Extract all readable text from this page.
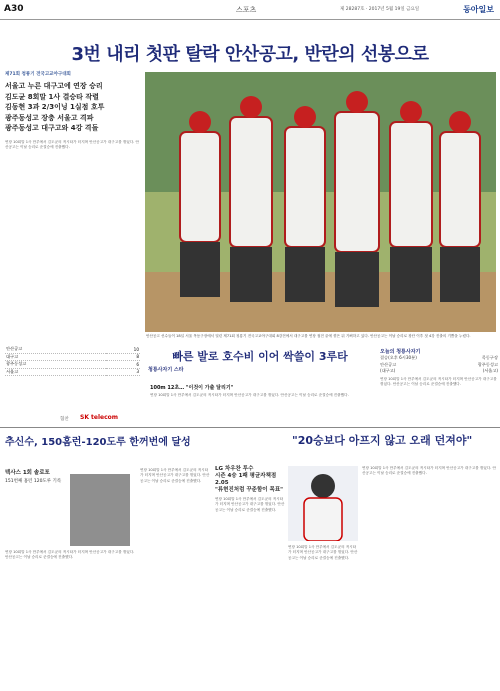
A30	스포츠	제 28287호 · 2017년 5월 19일 금요일	동아일보
3번 내리 첫판 탈락 안산공고, 반란의 선봉으로
제71회 청룡기 전국고교야구대회
서울고 누른 대구고에 연장 승리
김도균 8회말 1사 결승타 작렬
김동현 3과 2/3이닝 1실점 호투
광주동성고 장충 서울고 격파
광주동성고 대구고와 4강 격돌
연장 10회말 1사 만루에서 김도균의 적시타가 터지며 안산공고가 대구고를 꺾었다. 안산공고는 이날 승리로 준결승에 진출했다.
안산공고 선수들이 18일 서울 목동구장에서 열린 제71회 청룡기 전국고교야구대회 8강전에서 대구고를 연장 접전 끝에 꺾은 뒤 기뻐하고 있다. 안산공고는 이날 승리로 창단 이후 첫 4강 진출의 기쁨을 누렸다.
안산공고	10
대구고	8
광주동성고	6
서울고	3
빠른 발로 호수비 이어 싹쓸이 3루타
청룡사자기 스타
100m 12초… "이것이 가출 달리기"
연장 10회말 1사 만루에서 김도균의 적시타가 터지며 안산공고가 대구고를 꺾었다. 안산공고는 이날 승리로 준결승에 진출했다.
오늘의 청룡사자기
결승(오후 6시30분)	목동구장
안산공고	광주동성고
(대구고)	(서울고)
연장 10회말 1사 만루에서 김도균의 적시타가 터지며 안산공고가 대구고를 꺾었다. 안산공고는 이날 승리로 준결승에 진출했다.
협찬 SK telecom
추신수, 150홈런-120도루 한꺼번에 달성	"20승보다 아프지 않고 오래 던져야"
텍사스 1회 솔로포
151번째 홈런 120도루 기록
연장 10회말 1사 만루에서 김도균의 적시타가 터지며 안산공고가 대구고를 꺾었다. 안산공고는 이날 승리로 준결승에 진출했다.
연장 10회말 1사 만루에서 김도균의 적시타가 터지며 안산공고가 대구고를 꺾었다. 안산공고는 이날 승리로 준결승에 진출했다.
LG 차우찬 투수
시즌 4승 1패 평균자책점 2.05
"류현진처럼 꾸준함이 목표"
연장 10회말 1사 만루에서 김도균의 적시타가 터지며 안산공고가 대구고를 꺾었다. 안산공고는 이날 승리로 준결승에 진출했다.
연장 10회말 1사 만루에서 김도균의 적시타가 터지며 안산공고가 대구고를 꺾었다. 안산공고는 이날 승리로 준결승에 진출했다.
연장 10회말 1사 만루에서 김도균의 적시타가 터지며 안산공고가 대구고를 꺾었다. 안산공고는 이날 승리로 준결승에 진출했다.
